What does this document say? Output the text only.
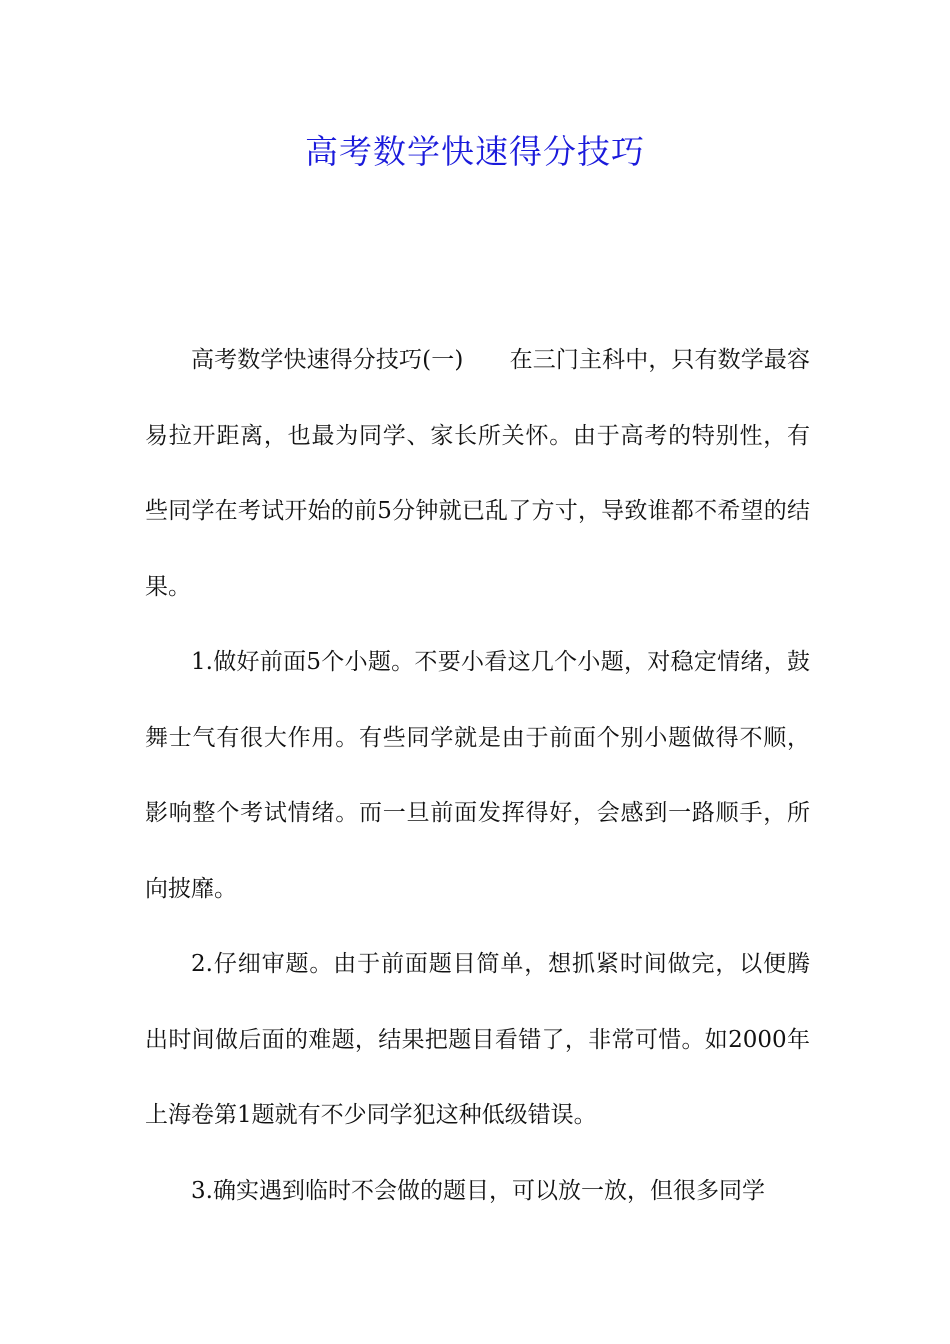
高考数学快速得分技巧

高考数学快速得分技巧(一)　　在三门主科中，只有数学最容易拉开距离，也最为同学、家长所关怀。由于高考的特别性，有些同学在考试开始的前5分钟就已乱了方寸，导致谁都不希望的结果。

1.做好前面5个小题。不要小看这几个小题，对稳定情绪，鼓舞士气有很大作用。有些同学就是由于前面个别小题做得不顺，影响整个考试情绪。而一旦前面发挥得好，会感到一路顺手，所向披靡。

2.仔细审题。由于前面题目简单，想抓紧时间做完，以便腾出时间做后面的难题，结果把题目看错了，非常可惜。如2000年上海卷第1题就有不少同学犯这种低级错误。

3.确实遇到临时不会做的题目，可以放一放，但很多同学
